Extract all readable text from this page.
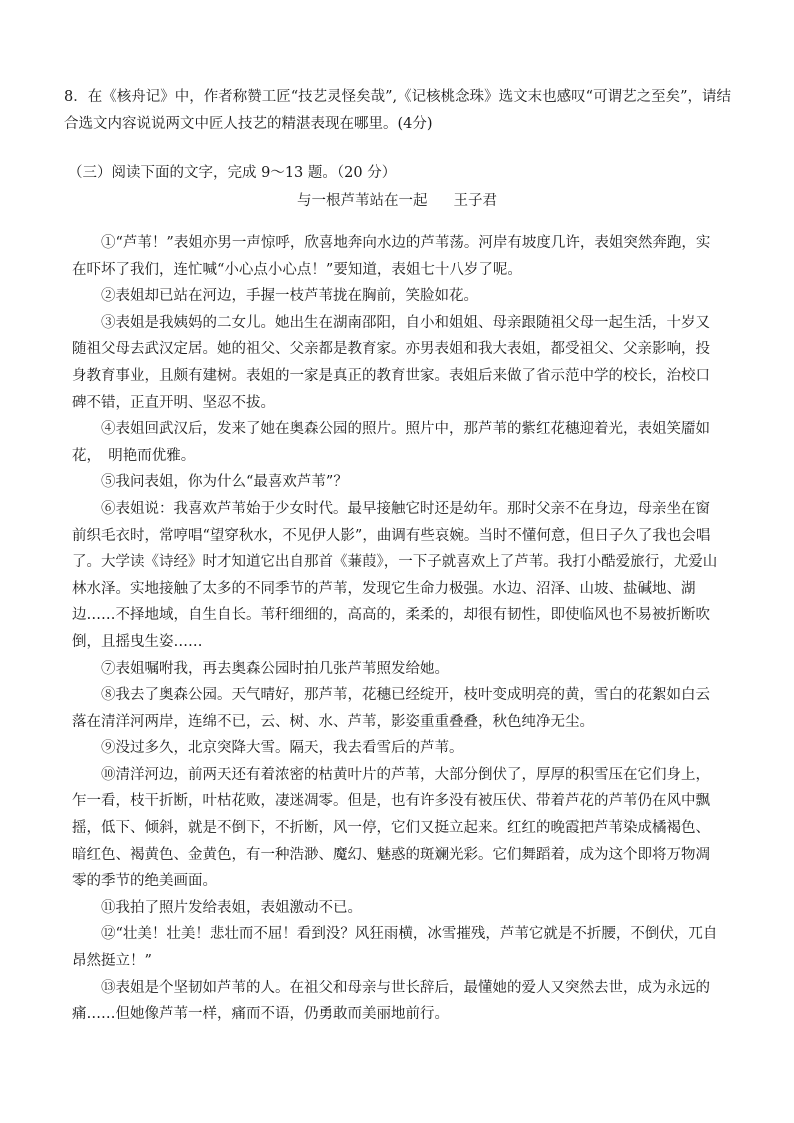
8．在《核舟记》中，作者称赞工匠“技艺灵怪矣哉”,《记核桃念珠》选文末也感叹“可谓艺之至矣”，请结合选文内容说说两文中匠人技艺的精湛表现在哪里。(4分)
（三）阅读下面的文字，完成 9～13 题。（20 分）
与一根芦苇站在一起 王子君

①“芦苇！”表姐亦男一声惊呼，欣喜地奔向水边的芦苇荡。河岸有坡度几许，表姐突然奔跑，实在吓坏了我们，连忙喊“小心点小心点！”要知道，表姐七十八岁了呢。

②表姐却已站在河边，手握一枝芦苇拢在胸前，笑脸如花。

③表姐是我姨妈的二女儿。她出生在湖南邵阳，自小和姐姐、母亲跟随祖父母一起生活，十岁又随祖父母去武汉定居。她的祖父、父亲都是教育家。亦男表姐和我大表姐，都受祖父、父亲影响，投身教育事业，且颇有建树。表姐的一家是真正的教育世家。表姐后来做了省示范中学的校长，治校口碑不错，正直开明、坚忍不拔。

④表姐回武汉后，发来了她在奥森公园的照片。照片中，那芦苇的紫红花穗迎着光，表姐笑靥如花，　明艳而优雅。

⑤我问表姐，你为什么“最喜欢芦苇”？

⑥表姐说：我喜欢芦苇始于少女时代。最早接触它时还是幼年。那时父亲不在身边，母亲坐在窗前织毛衣时，常哼唱“望穿秋水，不见伊人影”，曲调有些哀婉。当时不懂何意，但日子久了我也会唱了。大学读《诗经》时才知道它出自那首《蒹葭》，一下子就喜欢上了芦苇。我打小酷爱旅行，尤爱山林水泽。实地接触了太多的不同季节的芦苇，发现它生命力极强。水边、沼泽、山坡、盐碱地、湖边……不择地域，自生自长。苇秆细细的，高高的，柔柔的，却很有韧性，即使临风也不易被折断吹倒，且摇曳生姿……

⑦表姐嘱咐我，再去奥森公园时拍几张芦苇照发给她。

⑧我去了奥森公园。天气晴好，那芦苇，花穗已经绽开，枝叶变成明亮的黄，雪白的花絮如白云落在清洋河两岸，连绵不已，云、树、水、芦苇，影姿重重叠叠，秋色纯净无尘。

⑨没过多久，北京突降大雪。隔天，我去看雪后的芦苇。

⑩清洋河边，前两天还有着浓密的枯黄叶片的芦苇，大部分倒伏了，厚厚的积雪压在它们身上，乍一看，枝干折断，叶枯花败，凄迷凋零。但是，也有许多没有被压伏、带着芦花的芦苇仍在风中飘摇，低下、倾斜，就是不倒下，不折断，风一停，它们又挺立起来。红红的晚霞把芦苇染成橘褐色、暗红色、褐黄色、金黄色，有一种浩渺、魔幻、魅惑的斑斓光彩。它们舞蹈着，成为这个即将万物凋零的季节的绝美画面。

⑪我拍了照片发给表姐，表姐激动不已。

⑫“壮美！壮美！悲壮而不屈！看到没？风狂雨横，冰雪摧残，芦苇它就是不折腰，不倒伏，兀自昂然挺立！”

⑬表姐是个坚韧如芦苇的人。在祖父和母亲与世长辞后，最懂她的爱人又突然去世，成为永远的痛……但她像芦苇一样，痛而不语，仍勇敢而美丽地前行。
